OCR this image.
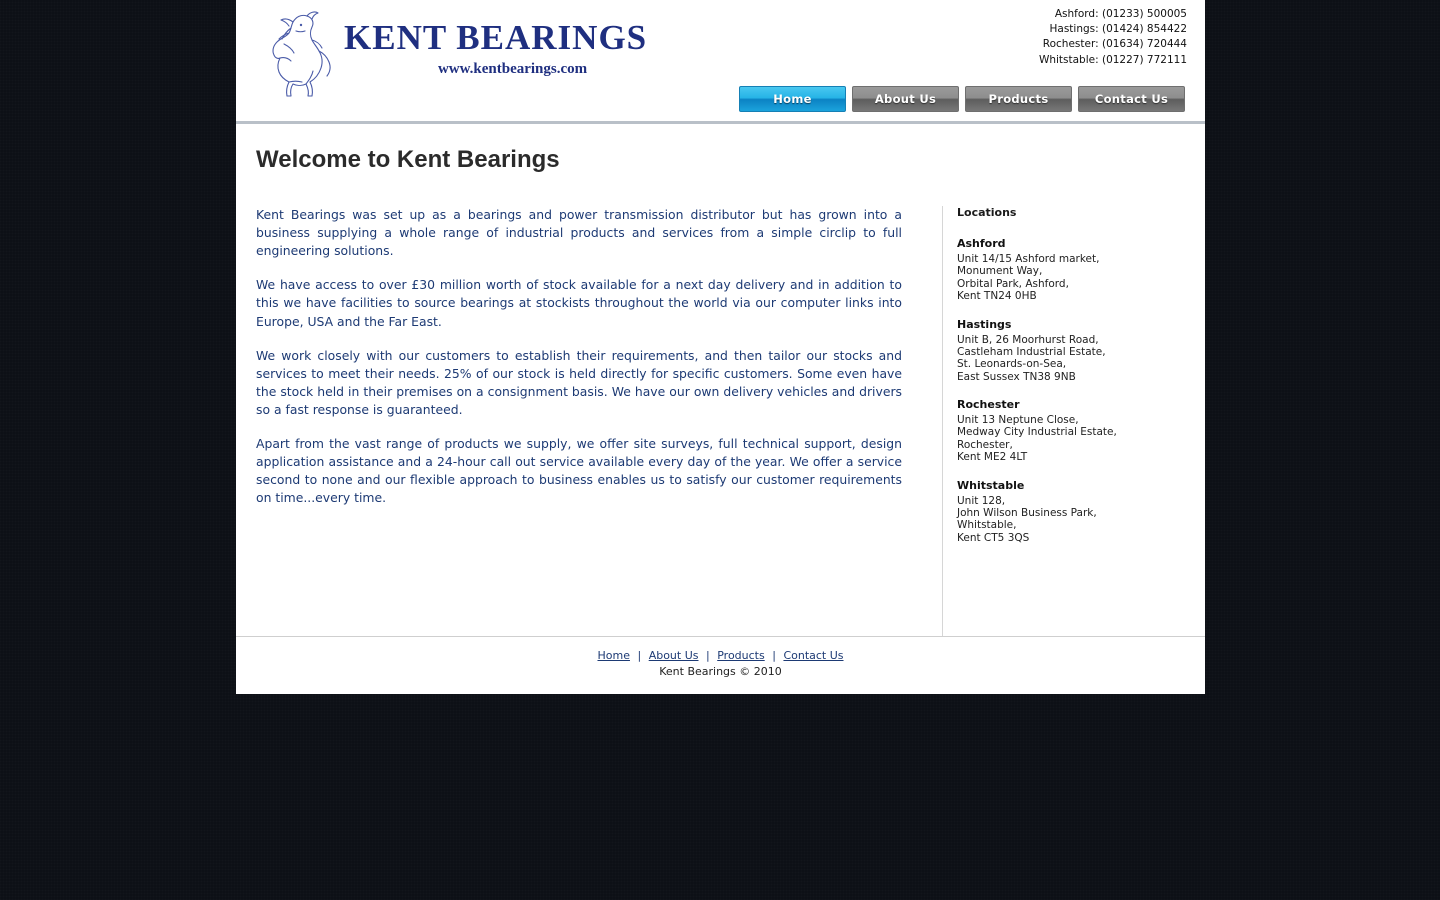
KENT BEARINGS
www.kentbearings.com
Ashford: (01233) 500005
Hastings: (01424) 854422
Rochester: (01634) 720444
Whitstable: (01227) 772111
Home	About Us	Products	Contact Us
Welcome to Kent Bearings

Kent Bearings was set up as a bearings and power transmission distributor but has grown into a business supplying a whole range of industrial products and services from a simple circlip to full engineering solutions.

We have access to over £30 million worth of stock available for a next day delivery and in addition to this we have facilities to source bearings at stockists throughout the world via our computer links into Europe, USA and the Far East.

We work closely with our customers to establish their requirements, and then tailor our stocks and services to meet their needs. 25% of our stock is held directly for specific customers. Some even have the stock held in their premises on a consignment basis. We have our own delivery vehicles and drivers so a fast response is guaranteed.

Apart from the vast range of products we supply, we offer site surveys, full technical support, design application assistance and a 24-hour call out service available every day of the year. We offer a service second to none and our flexible approach to business enables us to satisfy our customer requirements on time...every time.

Locations
Ashford
Unit 14/15 Ashford market,
Monument Way,
Orbital Park, Ashford,
Kent TN24 0HB
Hastings
Unit B, 26 Moorhurst Road,
Castleham Industrial Estate,
St. Leonards-on-Sea,
East Sussex TN38 9NB
Rochester
Unit 13 Neptune Close,
Medway City Industrial Estate,
Rochester,
Kent ME2 4LT
Whitstable
Unit 128,
John Wilson Business Park,
Whitstable,
Kent CT5 3QS
Home | About Us | Products | Contact Us
Kent Bearings © 2010
